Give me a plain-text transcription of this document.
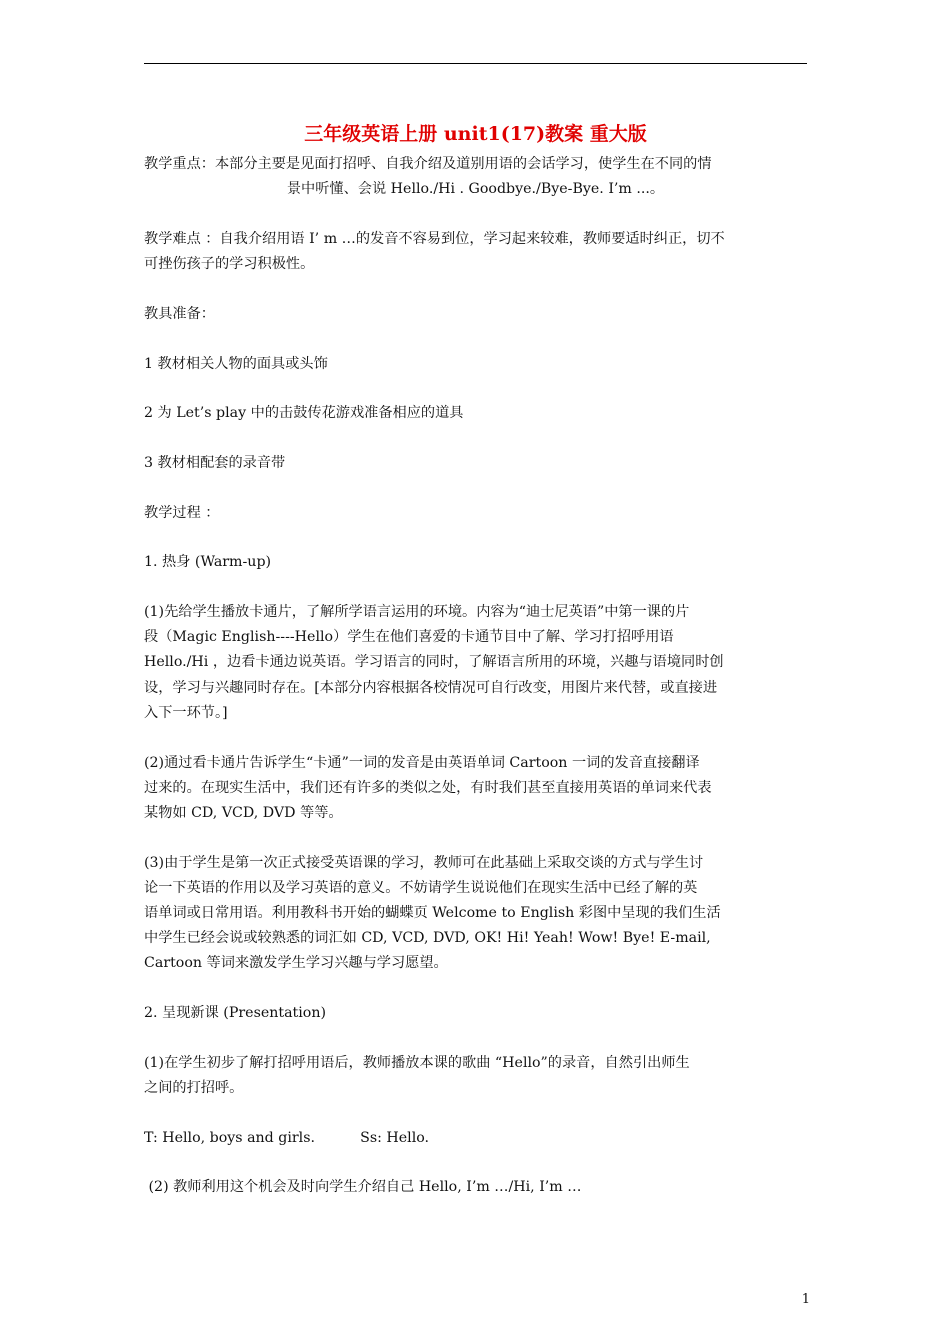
三年级英语上册 unit1(17)教案 重大版
教学重点：本部分主要是见面打招呼、自我介绍及道别用语的会话学习，使学生在不同的情
景中听懂、会说 Hello./Hi . Goodbye./Bye-Bye. I’m ...。
教学难点 ：自我介绍用语 I’ m …的发音不容易到位，学习起来较难，教师要适时纠正，切不
可挫伤孩子的学习积极性。
教具准备：
1 教材相关人物的面具或头饰
2 为 Let’s play 中的击鼓传花游戏准备相应的道具
3 教材相配套的录音带
教学过程 ：
1. 热身 (Warm-up)
(1)先给学生播放卡通片，了解所学语言运用的环境。内容为“迪士尼英语”中第一课的片
段（Magic English----Hello）学生在他们喜爱的卡通节目中了解、学习打招呼用语
Hello./Hi ，边看卡通边说英语。学习语言的同时，了解语言所用的环境，兴趣与语境同时创
设，学习与兴趣同时存在。[本部分内容根据各校情况可自行改变，用图片来代替，或直接进
入下一环节。]
(2)通过看卡通片告诉学生“卡通”一词的发音是由英语单词 Cartoon 一词的发音直接翻译
过来的。在现实生活中，我们还有许多的类似之处，有时我们甚至直接用英语的单词来代表
某物如 CD, VCD, DVD 等等。
(3)由于学生是第一次正式接受英语课的学习，教师可在此基础上采取交谈的方式与学生讨
论一下英语的作用以及学习英语的意义。不妨请学生说说他们在现实生活中已经了解的英
语单词或日常用语。利用教科书开始的蝴蝶页 Welcome to English 彩图中呈现的我们生活
中学生已经会说或较熟悉的词汇如 CD, VCD, DVD, OK! Hi! Yeah! Wow! Bye! E-mail,
Cartoon 等词来激发学生学习兴趣与学习愿望。
2. 呈现新课 (Presentation)
(1)在学生初步了解打招呼用语后，教师播放本课的歌曲 “Hello”的录音，自然引出师生
之间的打招呼。
T: Hello, boys and girls.          Ss: Hello.
(2) 教师利用这个机会及时向学生介绍自己 Hello, I’m …/Hi, I’m …
1
